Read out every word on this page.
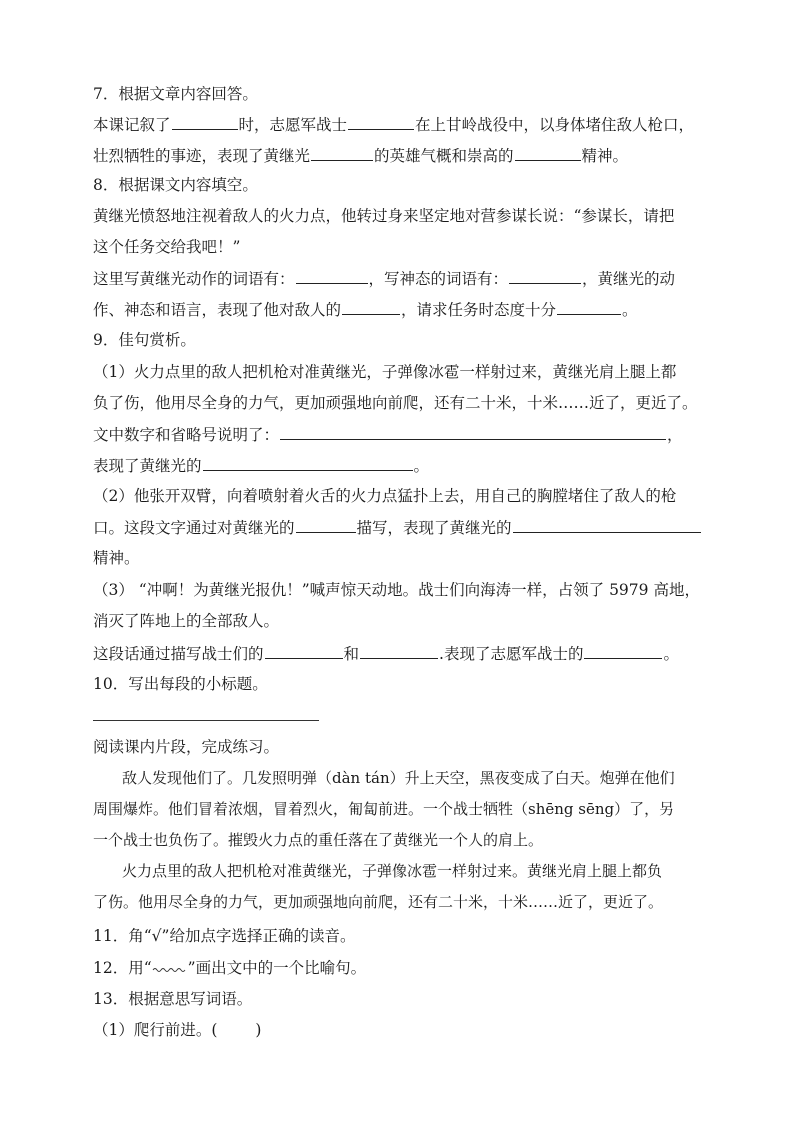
7．根据文章内容回答。
本课记叙了	时，志愿军战士	在上甘岭战役中，以身体堵住敌人枪口，
壮烈牺牲的事迹，表现了黄继光	的英雄气概和崇高的	精神。
8．根据课文内容填空。
黄继光愤怒地注视着敌人的火力点，他转过身来坚定地对营参谋长说：“参谋长，请把
这个任务交给我吧！”
这里写黄继光动作的词语有：	，写神态的词语有：	，黄继光的动
作、神态和语言，表现了他对敌人的	，请求任务时态度十分	。
9．佳句赏析。
（1）火力点里的敌人把机枪对准黄继光，子弹像冰雹一样射过来，黄继光肩上腿上都
负了伤，他用尽全身的力气，更加顽强地向前爬，还有二十米，十米……近了，更近了。
文中数字和省略号说明了：	，
表现了黄继光的	。
（2）他张开双臂，向着喷射着火舌的火力点猛扑上去，用自己的胸膛堵住了敌人的枪
口。这段文字通过对黄继光的	描写，表现了黄继光的
精神。
（3） “冲啊！为黄继光报仇！”喊声惊天动地。战士们向海涛一样，占领了 5979 高地，
消灭了阵地上的全部敌人。
这段话通过描写战士们的	和	.表现了志愿军战士的	。
10．写出每段的小标题。
阅读课内片段，完成练习。
敌人发现他们了。几发照明弹（dàn tán）升上天空，黑夜变成了白天。炮弹在他们
周围爆炸。他们冒着浓烟，冒着烈火，匍匐前进。一个战士牺牲（shēng sēng）了，另
一个战士也负伤了。摧毁火力点的重任落在了黄继光一个人的肩上。
火力点里的敌人把机枪对准黄继光，子弹像冰雹一样射过来。黄继光肩上腿上都负
了伤。他用尽全身的力气，更加顽强地向前爬，还有二十米，十米……近了，更近了。
11．角“√”给加点字选择正确的读音。
12．用“ ”画出文中的一个比喻句。
13．根据意思写词语。
（1）爬行前进。( )
